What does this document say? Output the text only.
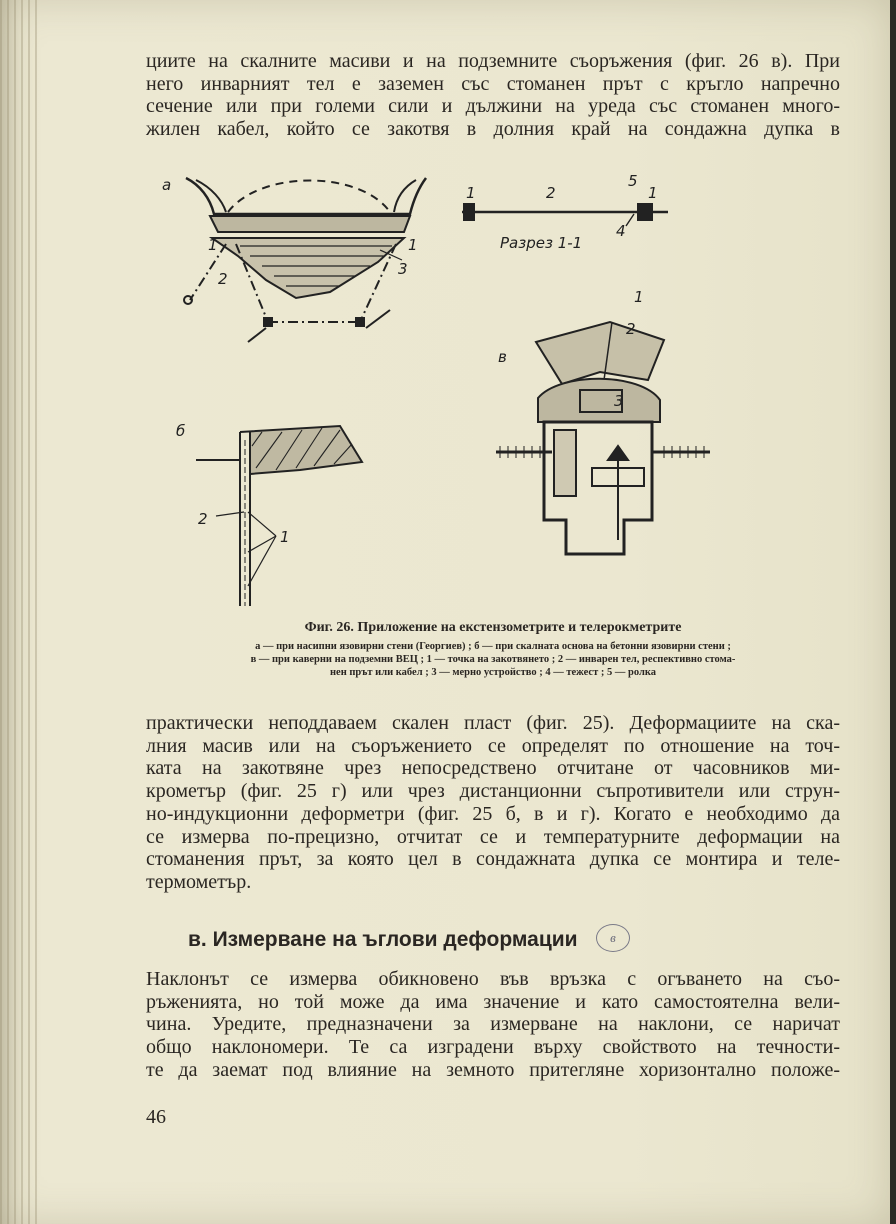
циите на скалните масиви и на подземните съоръжения (фиг. 26 в). При
него инварният тел е заземен със стоманен прът с кръгло напречно
сечение или при големи сили и дължини на уреда със стоманен много-
жилен кабел, който се закотвя в долния край на сондажна дупка в
а
1
2
1
3
1	2
5
1
4
Разрез 1-1
в
1
2
3
б
2
1
Фиг. 26. Приложение на екстензометрите и телерокметрите
а — при насипни язовирни стени (Георгиев) ; б — при скалната основа на бетонни язовирни стени ;
в — при каверни на подземни ВЕЦ ; 1 — точка на закотвянето ; 2 — инварен тел, респективно стома-
нен прът или кабел ; 3 — мерно устройство ; 4 — тежест ; 5 — ролка
практически неподдаваем скален пласт (фиг. 25). Деформациите на ска-
лния масив или на съоръжението се определят по отношение на точ-
ката на закотвяне чрез непосредствено отчитане от часовников ми-
крометър (фиг. 25 г) или чрез дистанционни съпротивители или струн-
но-индукционни деформетри (фиг. 25 б, в и г). Когато е необходимо да
се измерва по-прецизно, отчитат се и температурните деформации на
стоманения прът, за която цел в сондажната дупка се монтира и теле-
термометър.
в. Измерване на ъглови деформации	в
Наклонът се измерва обикновено във връзка с огъването на съо-
ръженията, но той може да има значение и като самостоятелна вели-
чина. Уредите, предназначени за измерване на наклони, се наричат
общо наклономери. Те са изградени върху свойството на течности-
те да заемат под влияние на земното притегляне хоризонтално положе-
46
